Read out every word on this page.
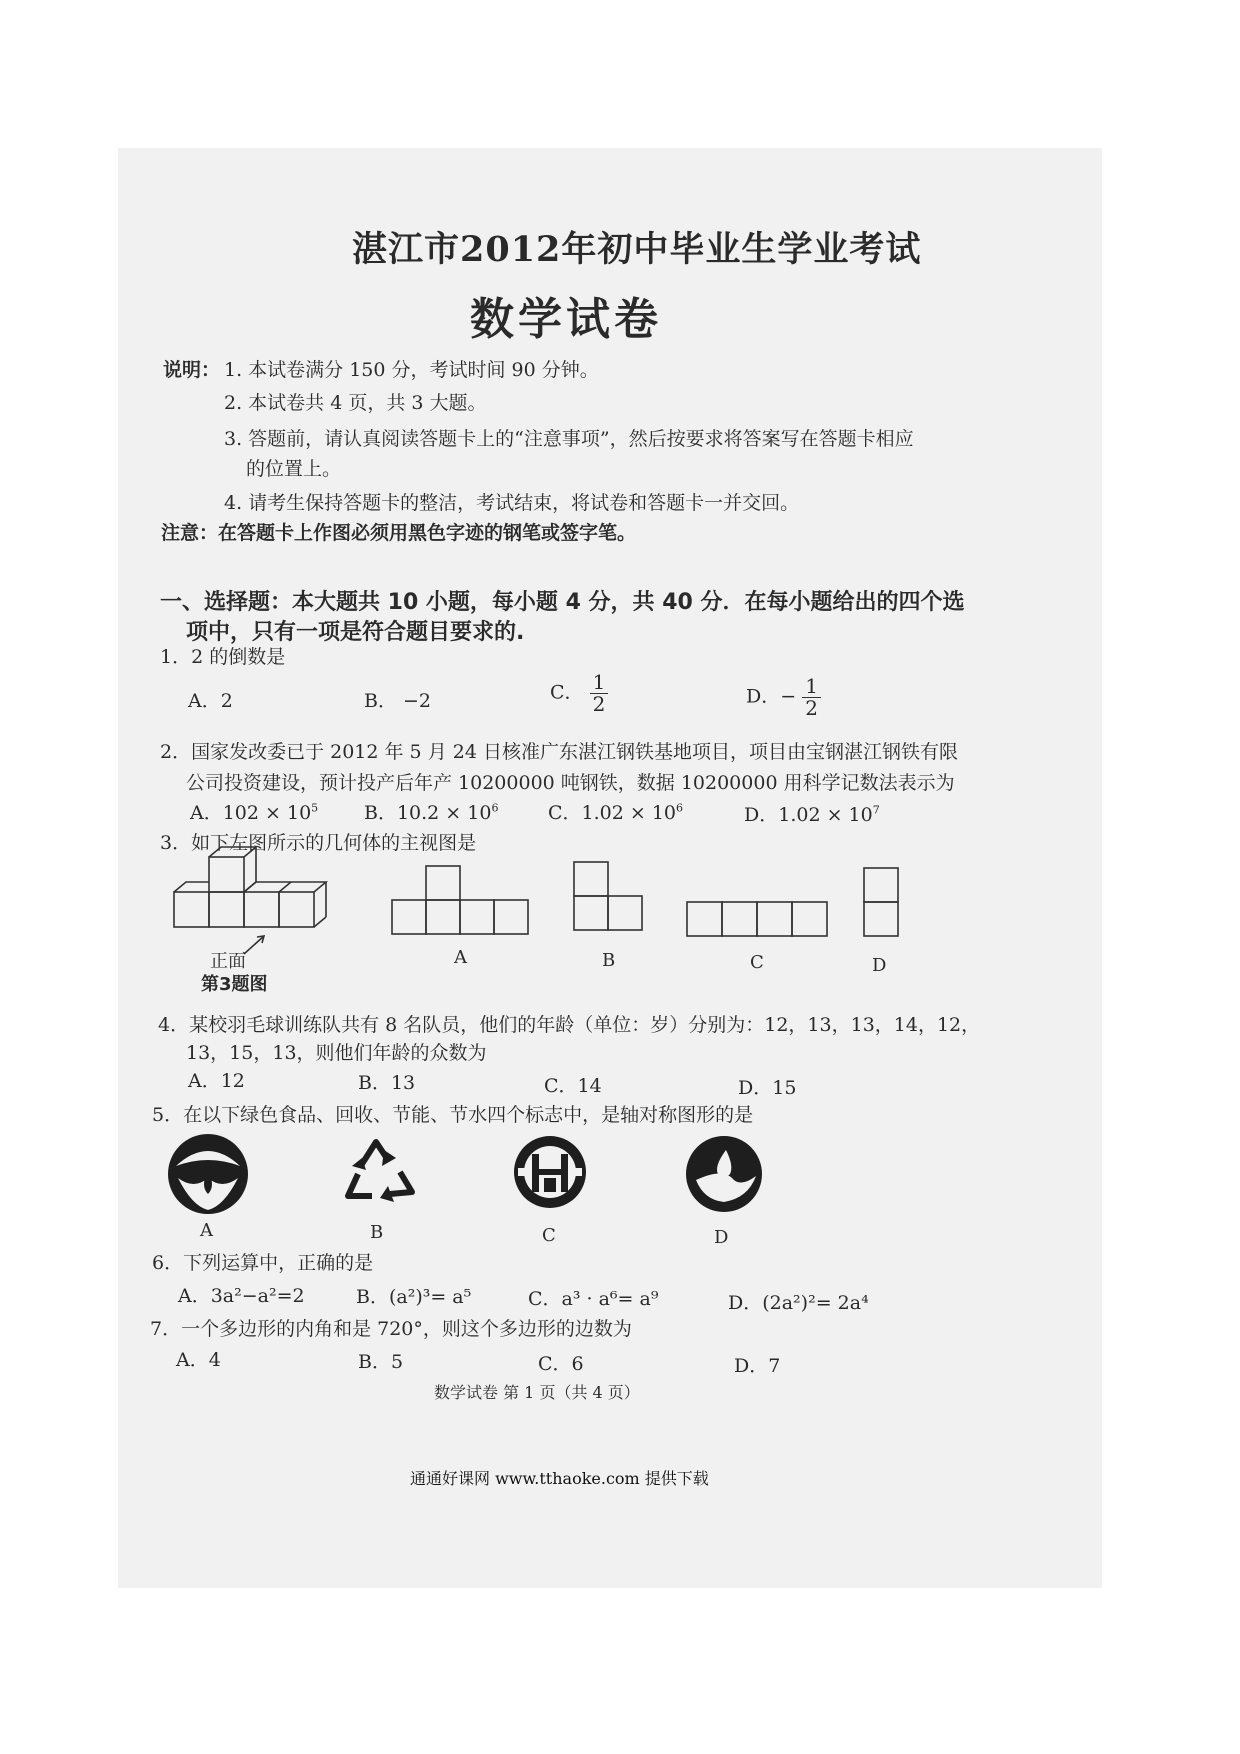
湛江市2012年初中毕业生学业考试
数学试卷
说明： 1. 本试卷满分 150 分，考试时间 90 分钟。
2. 本试卷共 4 页，共 3 大题。
3. 答题前，请认真阅读答题卡上的“注意事项”，然后按要求将答案写在答题卡相应
的位置上。
4. 请考生保持答题卡的整洁，考试结束，将试卷和答题卡一并交回。
注意：在答题卡上作图必须用黑色字迹的钢笔或签字笔。
一、选择题：本大题共 10 小题，每小题 4 分，共 40 分．在每小题给出的四个选
项中，只有一项是符合题目要求的.
1．2 的倒数是
A．2	B． −2	C． $\frac{1}{2}$	D．− $\frac{1}{2}$
2．国家发改委已于 2012 年 5 月 24 日核准广东湛江钢铁基地项目，项目由宝钢湛江钢铁有限
公司投资建设，预计投产后年产 10200000 吨钢铁，数据 10200000 用科学记数法表示为
A．$102 \times 10^5$ B．$10.2 \times 10^6$	C．$1.02 \times 10^6$	D．$1.02 \times 10^7$
3．如下左图所示的几何体的主视图是
正面
第3题图
A	B	C	D
4．某校羽毛球训练队共有 8 名队员，他们的年龄（单位：岁）分别为：12，13，13，14，12，
13，15，13，则他们年龄的众数为
A．12	B．13	C．14	D．15
5．在以下绿色食品、回收、节能、节水四个标志中，是轴对称图形的是
A	B	C	D
6．下列运算中，正确的是
A．3a²−a²=2	B．(a²)³= a⁵	C．a³ · a⁶= a⁹	D．(2a²)²= 2a⁴
7．一个多边形的内角和是 720°，则这个多边形的边数为
A．4	B．5	C．6	D．7
数学试卷 第 1 页（共 4 页）
通通好课网 www.tthaoke.com 提供下载
